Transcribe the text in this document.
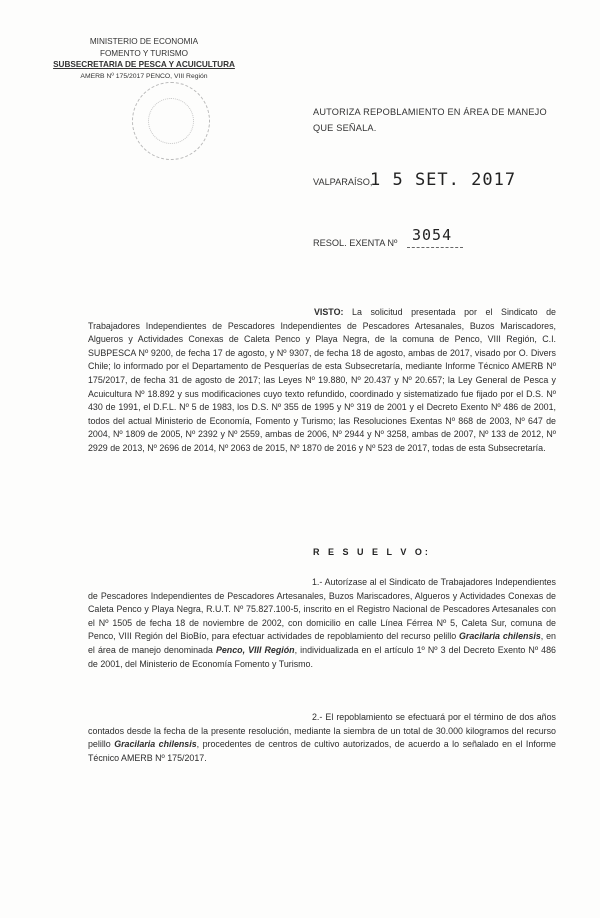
MINISTERIO DE ECONOMIA
FOMENTO Y TURISMO
SUBSECRETARIA DE PESCA Y ACUICULTURA
AMERB Nº 175/2017 PENCO, VIII Región
AUTORIZA REPOBLAMIENTO EN ÁREA DE MANEJO QUE SEÑALA.
VALPARAÍSO,
1 5 SET. 2017
RESOL. EXENTA Nº 3054
VISTO: La solicitud presentada por el Sindicato de Trabajadores Independientes de Pescadores Independientes de Pescadores Artesanales, Buzos Mariscadores, Algueros y Actividades Conexas de Caleta Penco y Playa Negra, de la comuna de Penco, VIII Región, C.I. SUBPESCA Nº 9200, de fecha 17 de agosto, y Nº 9307, de fecha 18 de agosto, ambas de 2017, visado por O. Divers Chile; lo informado por el Departamento de Pesquerías de esta Subsecretaría, mediante Informe Técnico AMERB Nº 175/2017, de fecha 31 de agosto de 2017; las Leyes Nº 19.880, Nº 20.437 y Nº 20.657; la Ley General de Pesca y Acuicultura Nº 18.892 y sus modificaciones cuyo texto refundido, coordinado y sistematizado fue fijado por el D.S. Nº 430 de 1991, el D.F.L. Nº 5 de 1983, los D.S. Nº 355 de 1995 y Nº 319 de 2001 y el Decreto Exento Nº 486 de 2001, todos del actual Ministerio de Economía, Fomento y Turismo; las Resoluciones Exentas Nº 868 de 2003, Nº 647 de 2004, Nº 1809 de 2005, Nº 2392 y Nº 2559, ambas de 2006, Nº 2944 y Nº 3258, ambas de 2007, Nº 133 de 2012, Nº 2929 de 2013, Nº 2696 de 2014, Nº 2063 de 2015, Nº 1870 de 2016 y Nº 523 de 2017, todas de esta Subsecretaría.
R E S U E L V O:
1.- Autorízase al el Sindicato de Trabajadores Independientes de Pescadores Independientes de Pescadores Artesanales, Buzos Mariscadores, Algueros y Actividades Conexas de Caleta Penco y Playa Negra, R.U.T. Nº 75.827.100-5, inscrito en el Registro Nacional de Pescadores Artesanales con el Nº 1505 de fecha 18 de noviembre de 2002, con domicilio en calle Línea Férrea Nº 5, Caleta Sur, comuna de Penco, VIII Región del BioBío, para efectuar actividades de repoblamiento del recurso pelillo Gracilaria chilensis, en el área de manejo denominada Penco, VIII Región, individualizada en el artículo 1º Nº 3 del Decreto Exento Nº 486 de 2001, del Ministerio de Economía Fomento y Turismo.
2.- El repoblamiento se efectuará por el término de dos años contados desde la fecha de la presente resolución, mediante la siembra de un total de 30.000 kilogramos del recurso pelillo Gracilaria chilensis, procedentes de centros de cultivo autorizados, de acuerdo a lo señalado en el Informe Técnico AMERB Nº 175/2017.
